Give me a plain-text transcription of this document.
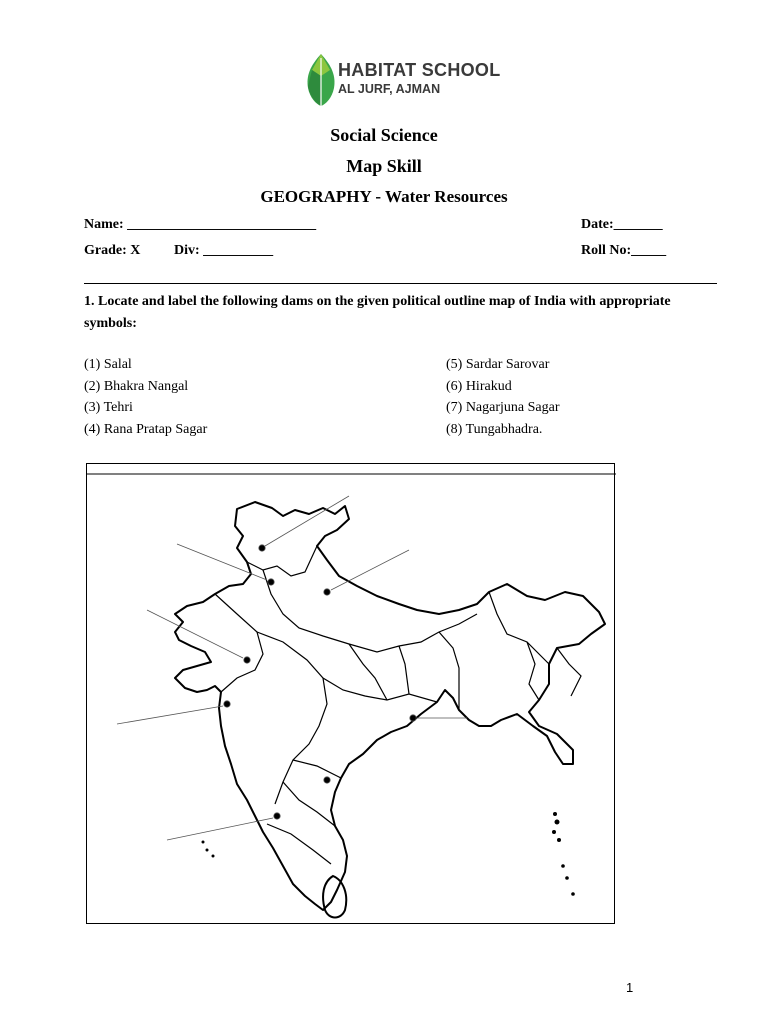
HABITAT SCHOOL
AL JURF, AJMAN
Social Science
Map Skill
GEOGRAPHY - Water Resources
Name: ___________________________	Date:_______
Grade: X Div: __________	Roll No:_____
1. Locate and label the following dams on the given political outline map of India with appropriate symbols:
(1) Salal
(2) Bhakra Nangal
(3) Tehri
(4) Rana Pratap Sagar
(5) Sardar Sarovar
(6) Hirakud
(7) Nagarjuna Sagar
(8) Tungabhadra.
1
